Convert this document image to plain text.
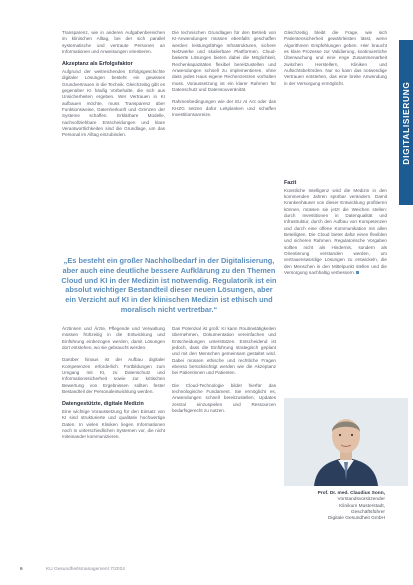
DIGITALISIERUNG

Transparenz, wie in anderen Aufgabenbereichen im klinischen Alltag, bei der sich parallel systematische und vertraute Personen an Informationen und Anweisungen orientieren.

Akzeptanz als Erfolgsfaktor

Aufgrund der weitreichenden Erfolgsgeschichte digitaler Lösungen besteht ein gewisses Grundvertrauen in die Technik. Gleichzeitig gibt es gegenüber KI häufig Vorbehalte, die sich aus Unsicherheiten ergeben. Wer Vertrauen in KI aufbauen möchte, muss Transparenz über Funktionsweise, Datenherkunft und Grenzen der Systeme schaffen. Erklärbare Modelle, nachvollziehbare Entscheidungen und klare Verantwortlichkeiten sind die Grundlage, um das Personal im Alltag einzubinden.

Ärztinnen und Ärzte, Pflegende und Verwaltung müssen frühzeitig in die Entwicklung und Einführung einbezogen werden, damit Lösungen dort entstehen, wo sie gebraucht werden.

Darüber hinaus ist der Aufbau digitaler Kompetenzen erforderlich. Fortbildungen zum Umgang mit KI, zu Datenschutz und Informationssicherheit sowie zur kritischen Bewertung von Ergebnissen sollten fester Bestandteil der Personalentwicklung werden.

Datengestützte, digitale Medizin

Eine wichtige Voraussetzung für den Einsatz von KI sind strukturierte und qualitativ hochwertige Daten. In vielen Kliniken liegen Informationen noch in unterschiedlichen Systemen vor, die nicht miteinander kommunizieren.

Die technischen Grundlagen für den Betrieb von KI-Anwendungen müssen ebenfalls geschaffen werden: leistungsfähige Infrastrukturen, sichere Netzwerke und skalierbare Plattformen. Cloud-basierte Lösungen bieten dabei die Möglichkeit, Rechenkapazitäten flexibel bereitzustellen und Anwendungen schnell zu implementieren, ohne dass jedes Haus eigene Rechenzentren vorhalten muss. Voraussetzung ist ein klarer Rahmen für Datenschutz und Datensouveränität.

Rahmenbedingungen wie der EU AI Act oder das KHZG setzen dafür Leitplanken und schaffen Investitionsanreize.

Das Potenzial ist groß: KI kann Routinetätigkeiten übernehmen, Dokumentation vereinfachen und Entscheidungen unterstützen. Entscheidend ist jedoch, dass die Einführung strategisch geplant und mit den Menschen gemeinsam gestaltet wird. Dabei müssen ethische und rechtliche Fragen ebenso berücksichtigt werden wie die Akzeptanz bei Patientinnen und Patienten.

Die Cloud-Technologie bildet hierfür das technologische Fundament. Sie ermöglicht es, Anwendungen schnell bereitzustellen, Updates zentral einzuspielen und Ressourcen bedarfsgerecht zu nutzen.

Gleichzeitig bleibt die Frage, wie sich Patientensicherheit gewährleisten lässt, wenn Algorithmen Empfehlungen geben. Hier braucht es klare Prozesse zur Validierung, kontinuierliche Überwachung und eine enge Zusammenarbeit zwischen Herstellern, Kliniken und Aufsichtsbehörden. Nur so kann das notwendige Vertrauen entstehen, das eine breite Anwendung in der Versorgung ermöglicht.

Fazit

Künstliche Intelligenz wird die Medizin in den kommenden Jahren spürbar verändern. Damit Krankenhäuser von dieser Entwicklung profitieren können, müssen sie jetzt die Weichen stellen: durch Investitionen in Datenqualität und Infrastruktur, durch den Aufbau von Kompetenzen und durch eine offene Kommunikation mit allen Beteiligten. Die Cloud bietet dafür einen flexiblen und sicheren Rahmen. Regulatorische Vorgaben sollten nicht als Hindernis, sondern als Orientierung verstanden werden, um vertrauenswürdige Lösungen zu entwickeln, die den Menschen in den Mittelpunkt stellen und die Versorgung nachhaltig verbessern.

„Es besteht ein großer Nachholbedarf in der Digitalisierung, aber auch eine deutliche bessere Aufklärung zu den Themen Cloud und KI in der Medizin ist notwendig. Regulatorik ist ein absolut wichtiger Bestandteil dieser neuen Lösungen, aber ein Verzicht auf KI in der klinischen Medizin ist ethisch und moralisch nicht vertretbar.“
Prof. Dr. med. Claudius Sonn,
Vorstandsvorsitzender
Klinikum Musterstadt,
Geschäftsführer
Digitale Gesundheit GmbH
6	KU Gesundheitsmanagement 7/2024
